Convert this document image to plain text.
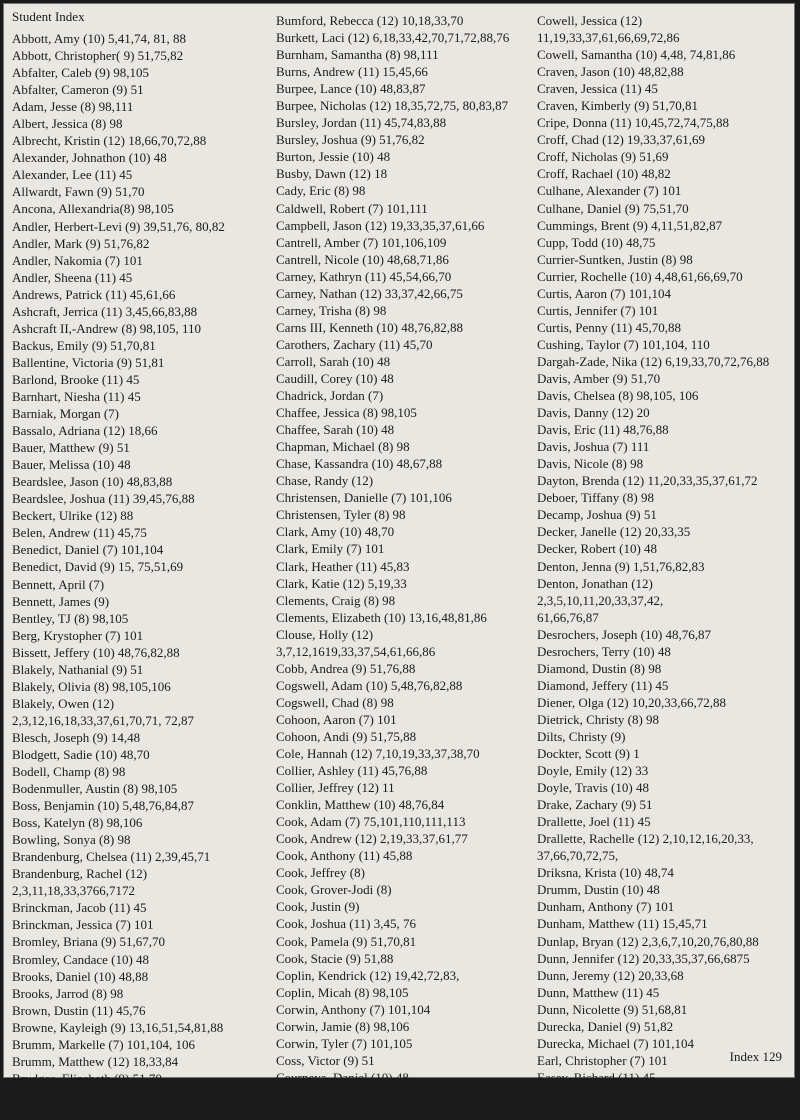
Student Index
Abbott, Amy (10) 5,41,74, 81, 88
Abbott, Christopher( 9) 51,75,82
Abfalter, Caleb (9) 98,105
Abfalter, Cameron (9) 51
Adam, Jesse (8) 98,111
Albert, Jessica (8) 98
Albrecht, Kristin (12) 18,66,70,72,88
Alexander, Johnathon (10) 48
Alexander, Lee (11) 45
Allwardt, Fawn (9) 51,70
Ancona, Allexandria(8) 98,105
Andler, Herbert-Levi (9) 39,51,76, 80,82
Andler, Mark (9) 51,76,82
Andler, Nakomia (7) 101
Andler, Sheena (11) 45
Andrews, Patrick (11) 45,61,66
Ashcraft, Jerrica (11) 3,45,66,83,88
Ashcraft II,-Andrew (8) 98,105, 110
Backus, Emily (9) 51,70,81
Ballentine, Victoria (9) 51,81
Barlond, Brooke (11) 45
Barnhart, Niesha (11) 45
Barniak, Morgan (7)
Bassalo, Adriana (12) 18,66
Bauer, Matthew (9) 51
Bauer, Melissa (10) 48
Beardslee, Jason (10) 48,83,88
Beardslee, Joshua (11) 39,45,76,88
Beckert, Ulrike (12) 88
Belen, Andrew (11) 45,75
Benedict, Daniel (7) 101,104
Benedict, David (9) 15, 75,51,69
Bennett, April (7)
Bennett, James (9)
Bentley, TJ (8) 98,105
Berg, Krystopher (7) 101
Bissett, Jeffery (10) 48,76,82,88
Blakely, Nathanial (9) 51
Blakely, Olivia (8) 98,105,106
Blakely, Owen (12)
2,3,12,16,18,33,37,61,70,71, 72,87
Blesch, Joseph (9) 14,48
Blodgett, Sadie (10) 48,70
Bodell, Champ (8) 98
Bodenmuller, Austin (8) 98,105
Boss, Benjamin (10) 5,48,76,84,87
Boss, Katelyn (8) 98,106
Bowling, Sonya (8) 98
Brandenburg, Chelsea (11) 2,39,45,71
Brandenburg, Rachel (12)
2,3,11,18,33,3766,7172
Brinckman, Jacob (11) 45
Brinckman, Jessica (7) 101
Bromley, Briana (9) 51,67,70
Bromley, Candace (10) 48
Brooks, Daniel (10) 48,88
Brooks, Jarrod (8) 98
Brown, Dustin (11) 45,76
Browne, Kayleigh (9) 13,16,51,54,81,88
Brumm, Markelle (7) 101,104, 106
Brumm, Matthew (12) 18,33,84
Brydges, Elizabeth (9) 51,70
Bueker, Patrick (11) 7,45,83
Bumford, Rebecca (12) 10,18,33,70
Burkett, Laci (12) 6,18,33,42,70,71,72,88,76
Burnham, Samantha (8) 98,111
Burns, Andrew (11) 15,45,66
Burpee, Lance (10) 48,83,87
Burpee, Nicholas (12) 18,35,72,75, 80,83,87
Bursley, Jordan (11) 45,74,83,88
Bursley, Joshua (9) 51,76,82
Burton, Jessie (10) 48
Busby, Dawn (12) 18
Cady, Eric (8) 98
Caldwell, Robert (7) 101,111
Campbell, Jason (12) 19,33,35,37,61,66
Cantrell, Amber (7) 101,106,109
Cantrell, Nicole (10) 48,68,71,86
Carney, Kathryn (11) 45,54,66,70
Carney, Nathan (12) 33,37,42,66,75
Carney, Trisha (8) 98
Carns III, Kenneth (10) 48,76,82,88
Carothers, Zachary (11) 45,70
Carroll, Sarah (10) 48
Caudill, Corey (10) 48
Chadrick, Jordan (7)
Chaffee, Jessica (8) 98,105
Chaffee, Sarah (10) 48
Chapman, Michael (8) 98
Chase, Kassandra (10) 48,67,88
Chase, Randy (12)
Christensen, Danielle (7) 101,106
Christensen, Tyler (8) 98
Clark, Amy (10) 48,70
Clark, Emily (7) 101
Clark, Heather (11) 45,83
Clark, Katie (12) 5,19,33
Clements, Craig (8) 98
Clements, Elizabeth (10) 13,16,48,81,86
Clouse, Holly (12)
3,7,12,1619,33,37,54,61,66,86
Cobb, Andrea (9) 51,76,88
Cogswell, Adam (10) 5,48,76,82,88
Cogswell, Chad (8) 98
Cohoon, Aaron (7) 101
Cohoon, Andi (9) 51,75,88
Cole, Hannah (12) 7,10,19,33,37,38,70
Collier, Ashley (11) 45,76,88
Collier, Jeffrey (12) 11
Conklin, Matthew (10) 48,76,84
Cook, Adam (7) 75,101,110,111,113
Cook, Andrew (12) 2,19,33,37,61,77
Cook, Anthony (11) 45,88
Cook, Jeffrey (8)
Cook, Grover-Jodi (8)
Cook, Justin (9)
Cook, Joshua (11) 3,45, 76
Cook, Pamela (9) 51,70,81
Cook, Stacie (9) 51,88
Coplin, Kendrick (12) 19,42,72,83,
Coplin, Micah (8) 98,105
Corwin, Anthony (7) 101,104
Corwin, Jamie (8) 98,106
Corwin, Tyler (7) 101,105
Coss, Victor (9) 51
Courneya, Daniel (10) 48
Cousins, Benjamin (8) 98
Cousins, Garry (11)
Cowell, Jessica (12)
11,19,33,37,61,66,69,72,86
Cowell, Samantha (10) 4,48, 74,81,86
Craven, Jason (10) 48,82,88
Craven, Jessica (11) 45
Craven, Kimberly (9) 51,70,81
Cripe, Donna (11) 10,45,72,74,75,88
Croff, Chad (12) 19,33,37,61,69
Croff, Nicholas (9) 51,69
Croff, Rachael (10) 48,82
Culhane, Alexander (7) 101
Culhane, Daniel (9) 75,51,70
Cummings, Brent (9) 4,11,51,82,87
Cupp, Todd (10) 48,75
Currier-Suntken, Justin (8) 98
Currier, Rochelle (10) 4,48,61,66,69,70
Curtis, Aaron (7) 101,104
Curtis, Jennifer (7) 101
Curtis, Penny (11) 45,70,88
Cushing, Taylor (7) 101,104, 110
Dargah-Zade, Nika (12) 6,19,33,70,72,76,88
Davis, Amber (9) 51,70
Davis, Chelsea (8) 98,105, 106
Davis, Danny (12) 20
Davis, Eric (11) 48,76,88
Davis, Joshua (7) 111
Davis, Nicole (8) 98
Dayton, Brenda (12) 11,20,33,35,37,61,72
Deboer, Tiffany (8) 98
Decamp, Joshua (9) 51
Decker, Janelle (12) 20,33,35
Decker, Robert (10) 48
Denton, Jenna (9) 1,51,76,82,83
Denton, Jonathan (12)
2,3,5,10,11,20,33,37,42,
61,66,76,87
Desrochers, Joseph (10) 48,76,87
Desrochers, Terry (10) 48
Diamond, Dustin (8) 98
Diamond, Jeffery (11) 45
Diener, Olga (12) 10,20,33,66,72,88
Dietrick, Christy (8) 98
Dilts, Christy (9)
Dockter, Scott (9) 1
Doyle, Emily (12) 33
Doyle, Travis (10) 48
Drake, Zachary (9) 51
Drallette, Joel (11) 45
Drallette, Rachelle (12) 2,10,12,16,20,33,
37,66,70,72,75,
Driksna, Krista (10) 48,74
Drumm, Dustin (10) 48
Dunham, Anthony (7) 101
Dunham, Matthew (11) 15,45,71
Dunlap, Bryan (12) 2,3,6,7,10,20,76,80,88
Dunn, Jennifer (12) 20,33,35,37,66,6875
Dunn, Jeremy (12) 20,33,68
Dunn, Matthew (11) 45
Dunn, Nicolette (9) 51,68,81
Durecka, Daniel (9) 51,82
Durecka, Michael (7) 101,104
Earl, Christopher (7) 101
Easey, Richard (11) 45
Eaton, Andrea (11) 45,76,83
Eckelbecker, Raechel (7) 101
Index 129
